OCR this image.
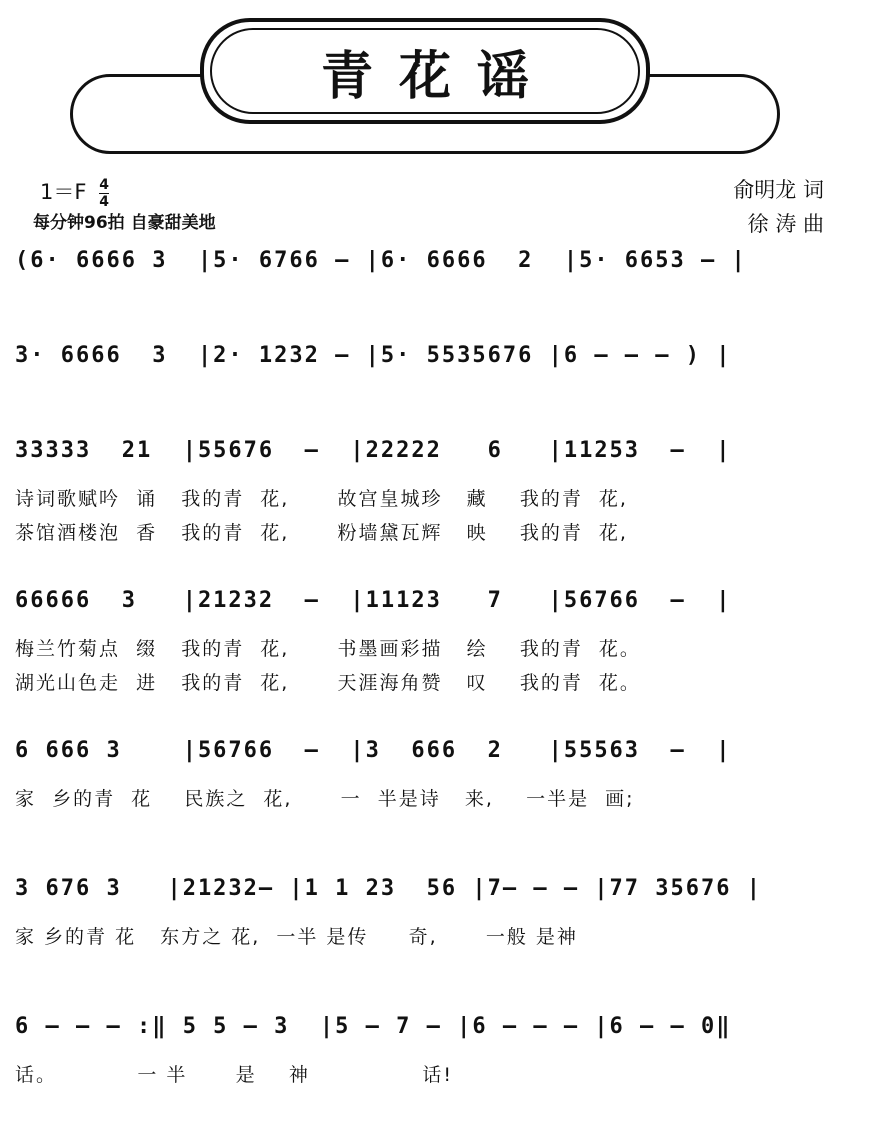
青花谣
$1=F \frac{4}{4}$
每分钟96拍 自豪甜美地
俞明龙 词
徐 涛 曲
(6· 6666 3  |5· 6766 — |6· 6666  2  |5· 6653 — |
3· 6666  3  |2· 1232 — |5· 5535676 |6 — — — ) |
33333  21  |55676  —  |22222   6   |11253  —  |
诗词歌赋吟  诵   我的青  花,      故宫皇城珍   藏    我的青  花,
茶馆酒楼泡  香   我的青  花,      粉墙黛瓦辉   映    我的青  花,
66666  3   |21232  —  |11123   7   |56766  —  |
梅兰竹菊点  缀   我的青  花,      书墨画彩描   绘    我的青  花。
湖光山色走  进   我的青  花,      天涯海角赞   叹    我的青  花。
6 666 3    |56766  —  |3  666  2   |55563  —  |
家  乡的青  花    民族之  花,      一  半是诗   来,    一半是  画;
3 676 3   |21232— |1 1 23  56 |7— — — |77 35676 |
家 乡的青 花   东方之 花,  一半 是传     奇,      一般 是神
6 — — — :‖ 5 5 — 3  |5 — 7 — |6 — — — |6 — — 0‖
话。          一 半      是    神              话!
